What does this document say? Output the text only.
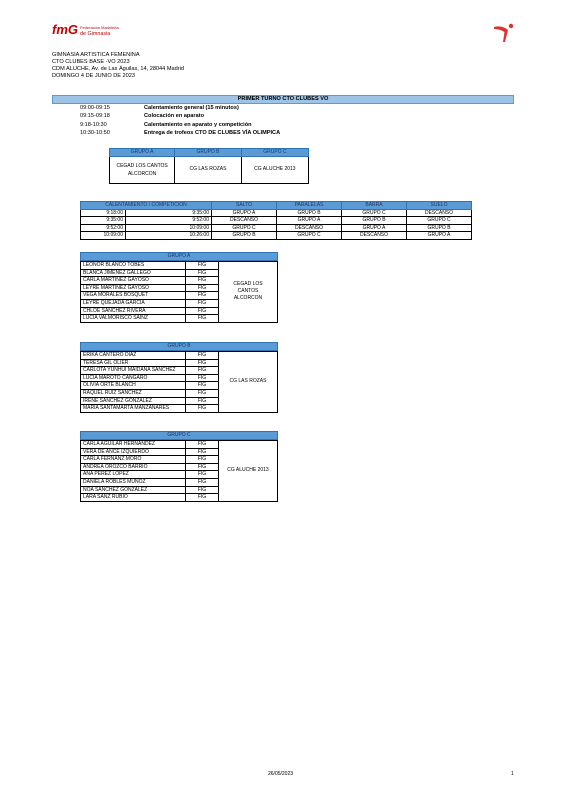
fmG Federación Madrileña
de Gimnasia
GIMNASIA ARTISTICA FEMENINA
CTO CLUBES BASE -VO 2023
CDM ALUCHE, Av. de Las Águilas, 14, 28044 Madrid
DOMINGO 4 DE JUNIO DE 2023
PRIMER TURNO CTO CLUBES VO
09:00-09:15	Calentamiento general (15 minutos)
09:15-09:18	Colocación en aparato
9:18-10:30	Calentamiento en aparato y competición
10:30-10:50	Entrega de trofeos CTO DE CLUBES VÍA OLIMPICA
GRUPO A	GRUPO B	GRUPO C
CEGAD LOS CANTOS ALCORCON	CG LAS ROZAS	CG ALUCHE 2013
CALENTAMIENTO / COMPETICION		SALTO	PARALELAS	BARRA	SUELO
9:18:00	9:35:00	GRUPO A	GRUPO B	GRUPO C	DESCANSO
9:35:00	9:52:00	DESCANSO	GRUPO A	GRUPO B	GRUPO C
9:52:00	10:09:00	GRUPO C	DESCANSO	GRUPO A	GRUPO B
10:09:00	10:26:00	GRUPO B	GRUPO C	DESCANSO	GRUPO A
GRUPO A
LEONOR BLANCO TOBES	FIG	CEGAD LOS CANTOS ALCORCON
BLANCA JIMENEZ GALLEGO	FIG	
CARLA MARTINEZ GAYOSO	FIG	
LEYRE MARTINEZ GAYOSO	FIG	
VEGA MORALES BOSQUET	FIG	
LEYRE QUEJADA GARCIA	FIG	
CHLOE SÁNCHEZ RIVERA	FIG	
LUCIA VALMORISCO SAINZ	FIG	
GRUPO B
ERIKA CANTERO DIAZ	FIG	CG LAS ROZAS
TERESA GIL OLIER	FIG	
CARLOTA YUNHUI MAIDANA SANCHEZ	FIG	
LUCIA MAROTO CANGARO	FIG	
OLIVIA ORTE BLANCH	FIG	
RAQUEL RUIZ SANCHEZ	FIG	
IRENE SANCHEZ GONZALEZ	FIG	
MARIA SANTAMARTA MANZANARES	FIG	
GRUPO C
CARLA AGUILAR HERNANDEZ	FIG	CG ALUCHE 2013
VERA DE ANCE IZQUIERDO	FIG	
CARLA FERNANZ MORO	FIG	
ANDREA OROZCO BARRIO	FIG	
ANA PEREZ LOPEZ	FIG	
DANIELA ROBLES MUÑOZ	FIG	
NOA SANCHEZ GONZALEZ	FIG	
LARA SANZ RUBIO	FIG	
26/05/2023	1
